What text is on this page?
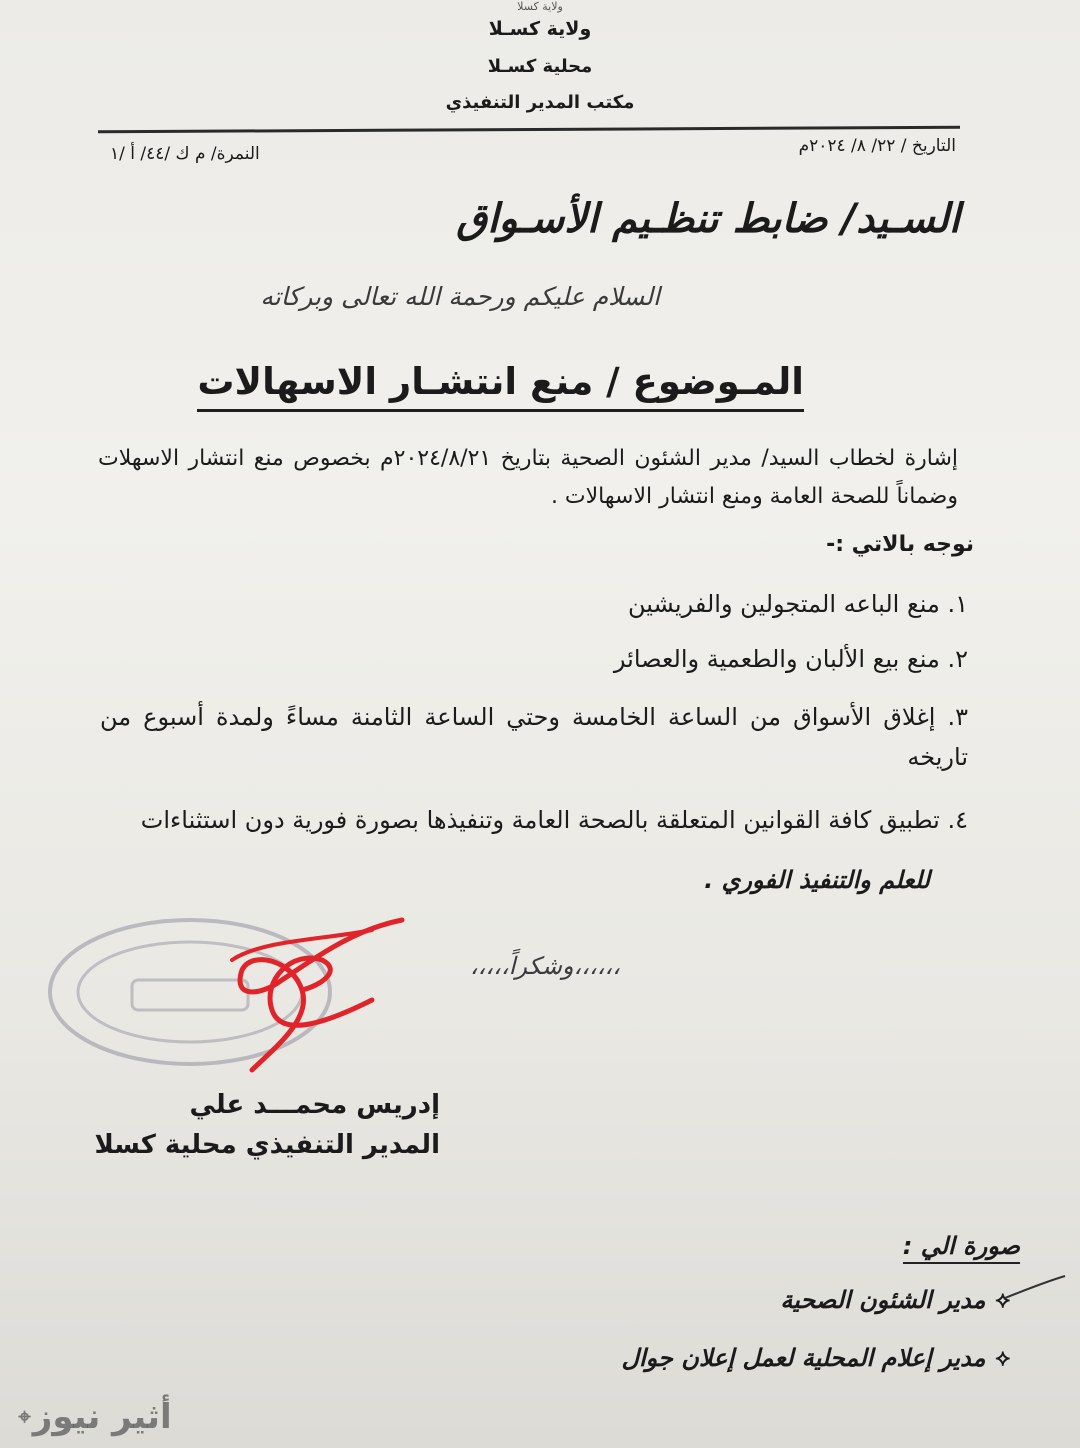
ولاية كسلا
ولاية كسـلا
محلية كسـلا
مكتب المدير التنفيذي
التاريخ / ٢٢/ ٨/ ٢٠٢٤م
النمرة/ م ك /٤٤/ أ /١
السـيد/ ضابط تنظـيم الأسـواق
السلام عليكم ورحمة الله تعالى وبركاته
المـوضوع / منع انتشـار الاسهالات
إشارة لخطاب السيد/ مدير الشئون الصحية بتاريخ ٢٠٢٤/٨/٢١م بخصوص منع انتشار الاسهلات وضماناً للصحة العامة ومنع انتشار الاسهالات .
نوجه بالاتي :-
١. منع الباعه المتجولين والفريشين
٢. منع بيع الألبان والطعمية والعصائر
٣. إغلاق الأسواق من الساعة الخامسة وحتي الساعة الثامنة مساءً ولمدة أسبوع من تاريخه
٤. تطبيق كافة القوانين المتعلقة بالصحة العامة وتنفيذها بصورة فورية دون استثناءات
للعلم والتنفيذ الفوري .
،،،،،،وشكراً،،،،،
إدريس محمـــد علي
المدير التنفيذي محلية كسلا
صورة الي :
⟡
مدير الشئون الصحية
⟡
مدير إعلام المحلية لعمل إعلان جوال
أثير نيوز
⌖
